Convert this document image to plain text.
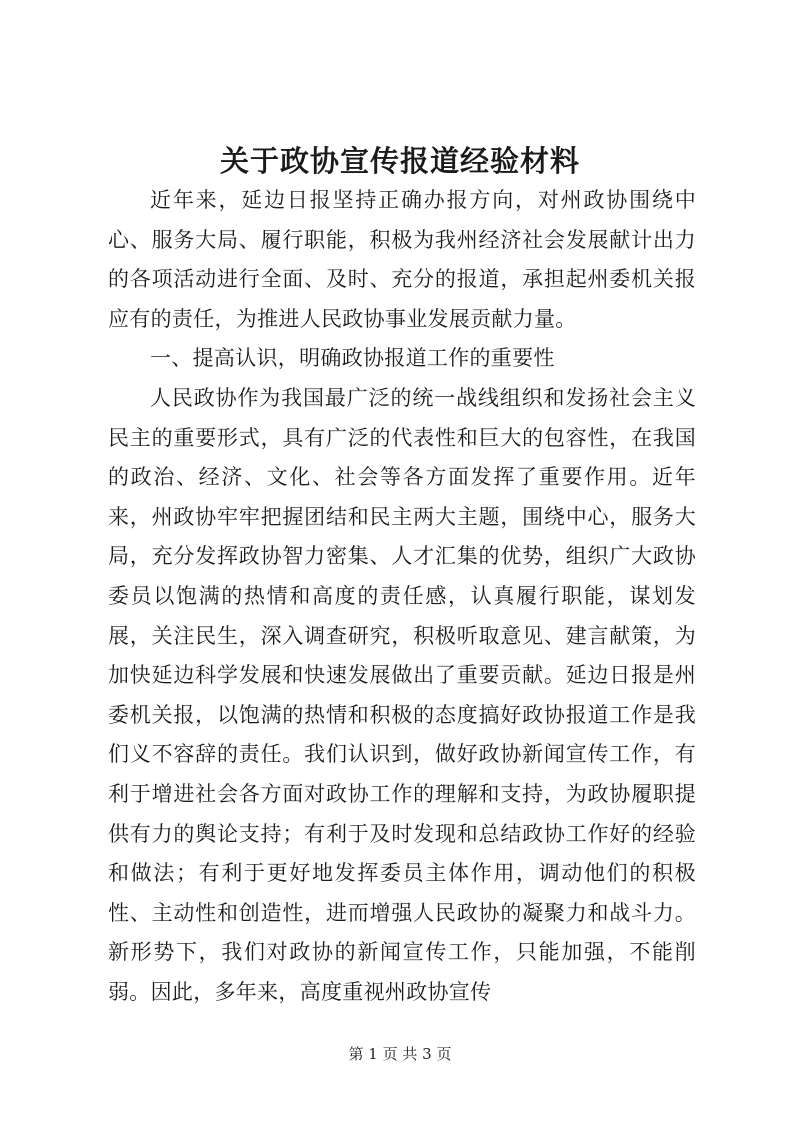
关于政协宣传报道经验材料

近年来，延边日报坚持正确办报方向，对州政协围绕中心、服务大局、履行职能，积极为我州经济社会发展献计出力的各项活动进行全面、及时、充分的报道，承担起州委机关报应有的责任，为推进人民政协事业发展贡献力量。

一、提高认识，明确政协报道工作的重要性

人民政协作为我国最广泛的统一战线组织和发扬社会主义民主的重要形式，具有广泛的代表性和巨大的包容性，在我国的政治、经济、文化、社会等各方面发挥了重要作用。近年来，州政协牢牢把握团结和民主两大主题，围绕中心，服务大局，充分发挥政协智力密集、人才汇集的优势，组织广大政协委员以饱满的热情和高度的责任感，认真履行职能，谋划发展，关注民生，深入调查研究，积极听取意见、建言献策，为加快延边科学发展和快速发展做出了重要贡献。延边日报是州委机关报，以饱满的热情和积极的态度搞好政协报道工作是我们义不容辞的责任。我们认识到，做好政协新闻宣传工作，有利于增进社会各方面对政协工作的理解和支持，为政协履职提供有力的舆论支持；有利于及时发现和总结政协工作好的经验和做法；有利于更好地发挥委员主体作用，调动他们的积极性、主动性和创造性，进而增强人民政协的凝聚力和战斗力。新形势下，我们对政协的新闻宣传工作，只能加强，不能削弱。因此，多年来，高度重视州政协宣传

第 1 页 共 3 页
